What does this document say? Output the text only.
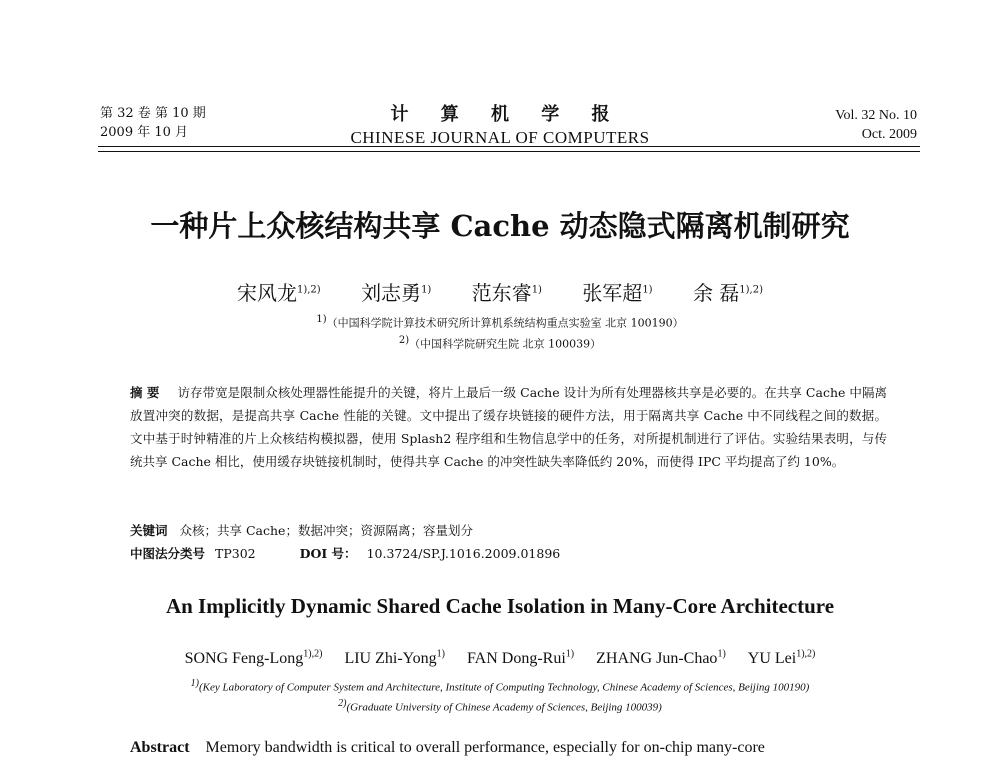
第 32 卷 第 10 期
2009 年 10 月
计 算 机 学 报
CHINESE JOURNAL OF COMPUTERS
Vol. 32 No. 10
Oct. 2009
一种片上众核结构共享 Cache 动态隐式隔离机制研究
宋风龙$^{1),2)}$ 刘志勇$^{1)}$ 范东睿$^{1)}$ 张军超$^{1)}$ 余 磊$^{1),2)}$
$^{1)}$（中国科学院计算技术研究所计算机系统结构重点实验室 北京 100190）
$^{2)}$（中国科学院研究生院 北京 100039）
摘 要 访存带宽是限制众核处理器性能提升的关键，将片上最后一级 Cache 设计为所有处理器核共享是必要的。在共享 Cache 中隔离放置冲突的数据，是提高共享 Cache 性能的关键。文中提出了缓存块链接的硬件方法，用于隔离共享 Cache 中不同线程之间的数据。文中基于时钟精准的片上众核结构模拟器，使用 Splash2 程序组和生物信息学中的任务，对所提机制进行了评估。实验结果表明，与传统共享 Cache 相比，使用缓存块链接机制时，使得共享 Cache 的冲突性缺失率降低约 20%，而使得 IPC 平均提高了约 10%。
关键词 众核；共享 Cache；数据冲突；资源隔离；容量划分
中图法分类号 TP302	DOI 号： 10.3724/SP.J.1016.2009.01896
An Implicitly Dynamic Shared Cache Isolation in Many-Core Architecture
SONG Feng-Long$^{1),2)}$ LIU Zhi-Yong$^{1)}$ FAN Dong-Rui$^{1)}$ ZHANG Jun-Chao$^{1)}$ YU Lei$^{1),2)}$
$^{1)}$(Key Laboratory of Computer System and Architecture, Institute of Computing Technology, Chinese Academy of Sciences, Beijing 100190)
$^{2)}$(Graduate University of Chinese Academy of Sciences, Beijing 100039)
Abstract Memory bandwidth is critical to overall performance, especially for on-chip many-core
